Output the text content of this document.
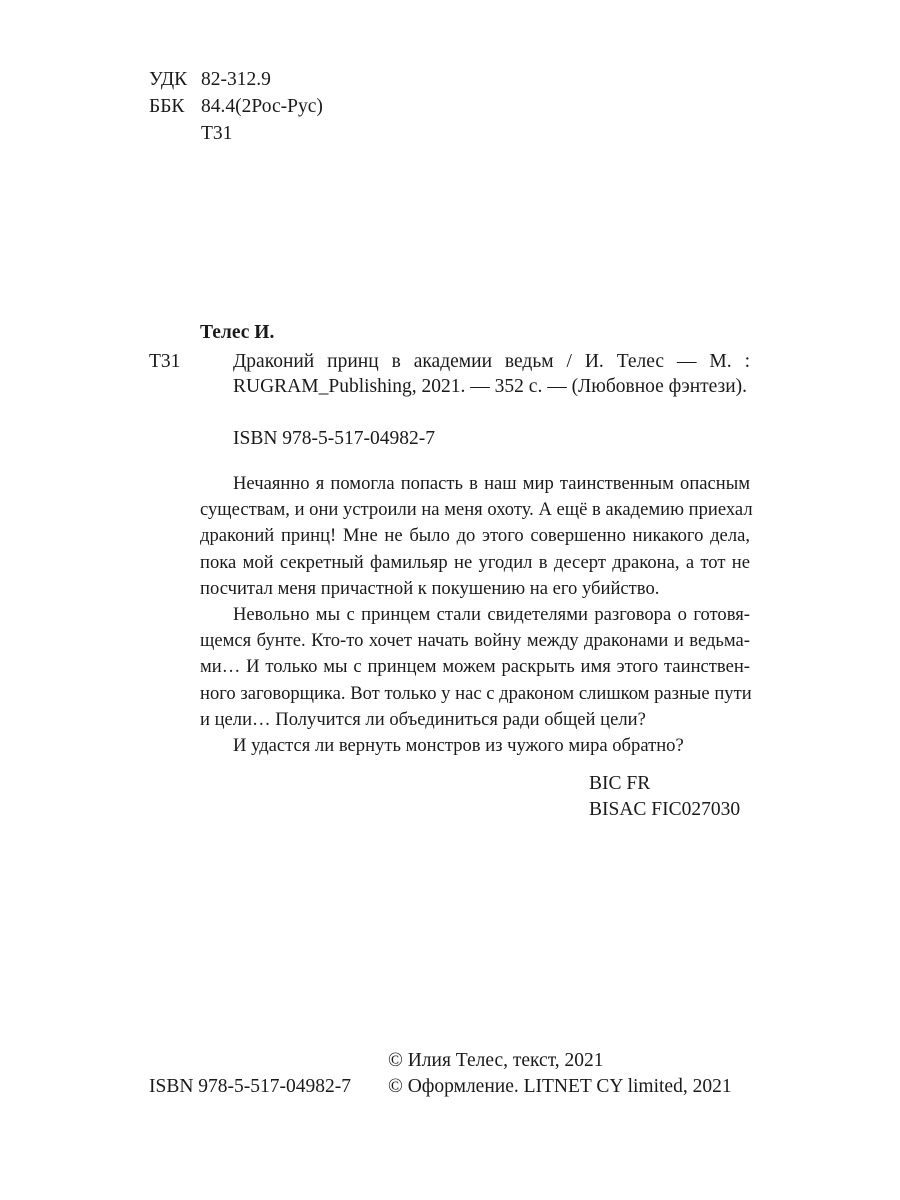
УДК 82-312.9
ББК 84.4(2Рос-Рус)
Т31
Телес И.
Т31	Драконий принц в академии ведьм / И. Телес — М. :
RUGRAM_Publishing, 2021. — 352 с. — (Любовное фэнтези).
ISBN 978-5-517-04982-7
Нечаянно я помогла попасть в наш мир таинственным опасным
существам, и они устроили на меня охоту. А ещё в академию приехал
драконий принц! Мне не было до этого совершенно никакого дела,
пока мой секретный фамильяр не угодил в десерт дракона, а тот не
посчитал меня причастной к покушению на его убийство.
Невольно мы с принцем стали свидетелями разговора о готовя-
щемся бунте. Кто-то хочет начать войну между драконами и ведьма-
ми… И только мы с принцем можем раскрыть имя этого таинствен-
ного заговорщика. Вот только у нас с драконом слишком разные пути
и цели… Получится ли объединиться ради общей цели?
И удастся ли вернуть монстров из чужого мира обратно?
BIC FR
BISAC FIC027030
© Илия Телес, текст, 2021
ISBN 978-5-517-04982-7 © Оформление. LITNET CY limited, 2021
